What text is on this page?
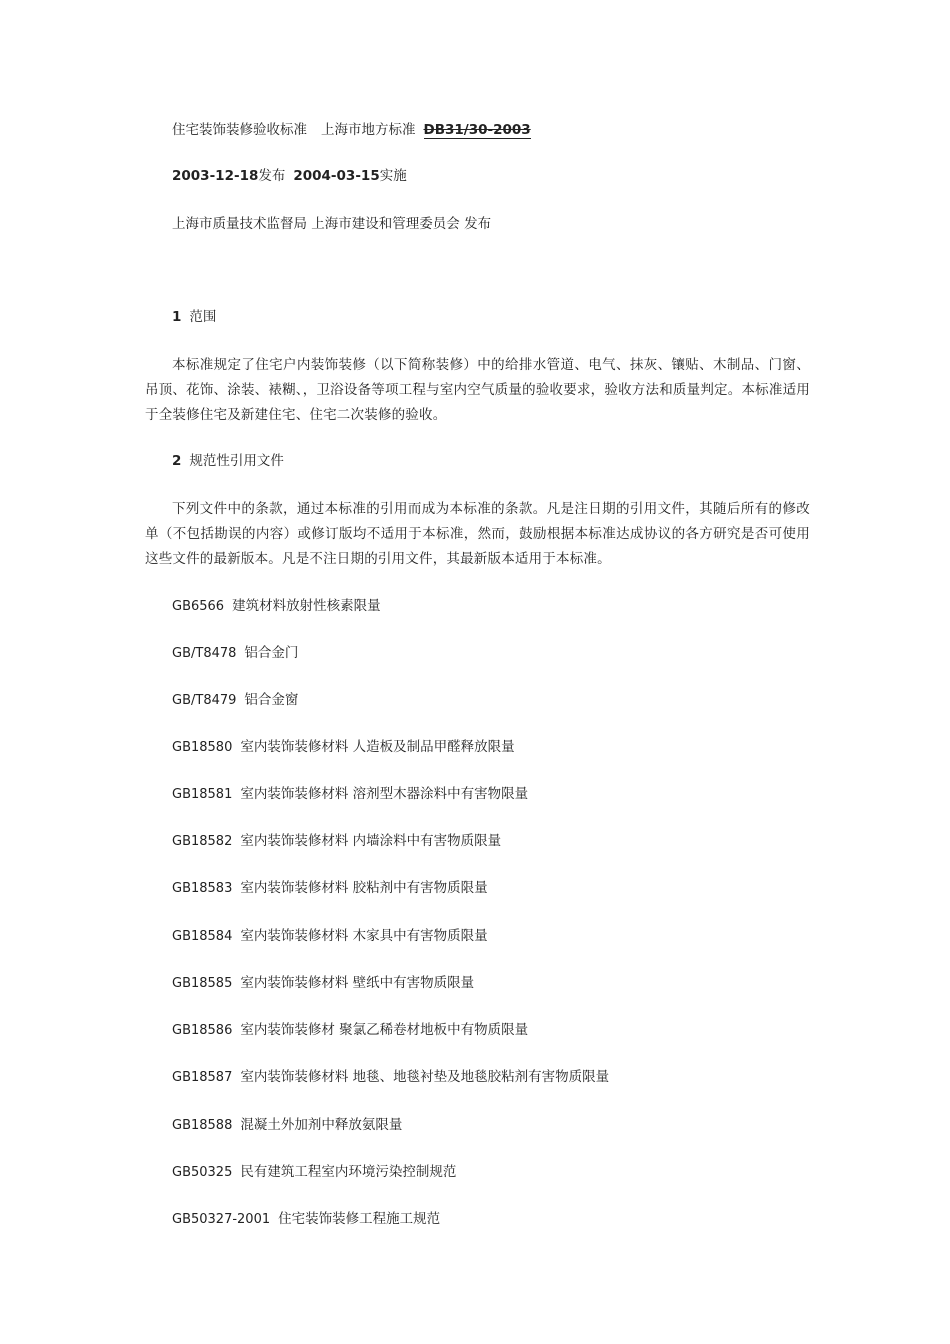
住宅装饰装修验收标准 上海市地方标准 DB31/30-2003
2003-12-18发布 2004-03-15实施
上海市质量技术监督局 上海市建设和管理委员会 发布
1 范围
本标准规定了住宅户内装饰装修（以下简称装修）中的给排水管道、电气、抹灰、镶贴、木制品、门窗、吊顶、花饰、涂装、裱糊、，卫浴设备等项工程与室内空气质量的验收要求，验收方法和质量判定。本标准适用于全装修住宅及新建住宅、住宅二次装修的验收。
2 规范性引用文件
下列文件中的条款，通过本标准的引用而成为本标准的条款。凡是注日期的引用文件，其随后所有的修改单（不包括勘误的内容）或修订版均不适用于本标准，然而，鼓励根据本标准达成协议的各方研究是否可使用这些文件的最新版本。凡是不注日期的引用文件，其最新版本适用于本标准。
GB6566 建筑材料放射性核素限量
GB/T8478 铝合金门
GB/T8479 铝合金窗
GB18580 室内装饰装修材料 人造板及制品甲醛释放限量
GB18581 室内装饰装修材料 溶剂型木器涂料中有害物限量
GB18582 室内装饰装修材料 内墙涂料中有害物质限量
GB18583 室内装饰装修材料 胶粘剂中有害物质限量
GB18584 室内装饰装修材料 木家具中有害物质限量
GB18585 室内装饰装修材料 壁纸中有害物质限量
GB18586 室内装饰装修材 聚氯乙稀卷材地板中有物质限量
GB18587 室内装饰装修材料 地毯、地毯衬垫及地毯胶粘剂有害物质限量
GB18588 混凝土外加剂中释放氨限量
GB50325 民有建筑工程室内环境污染控制规范
GB50327-2001 住宅装饰装修工程施工规范
